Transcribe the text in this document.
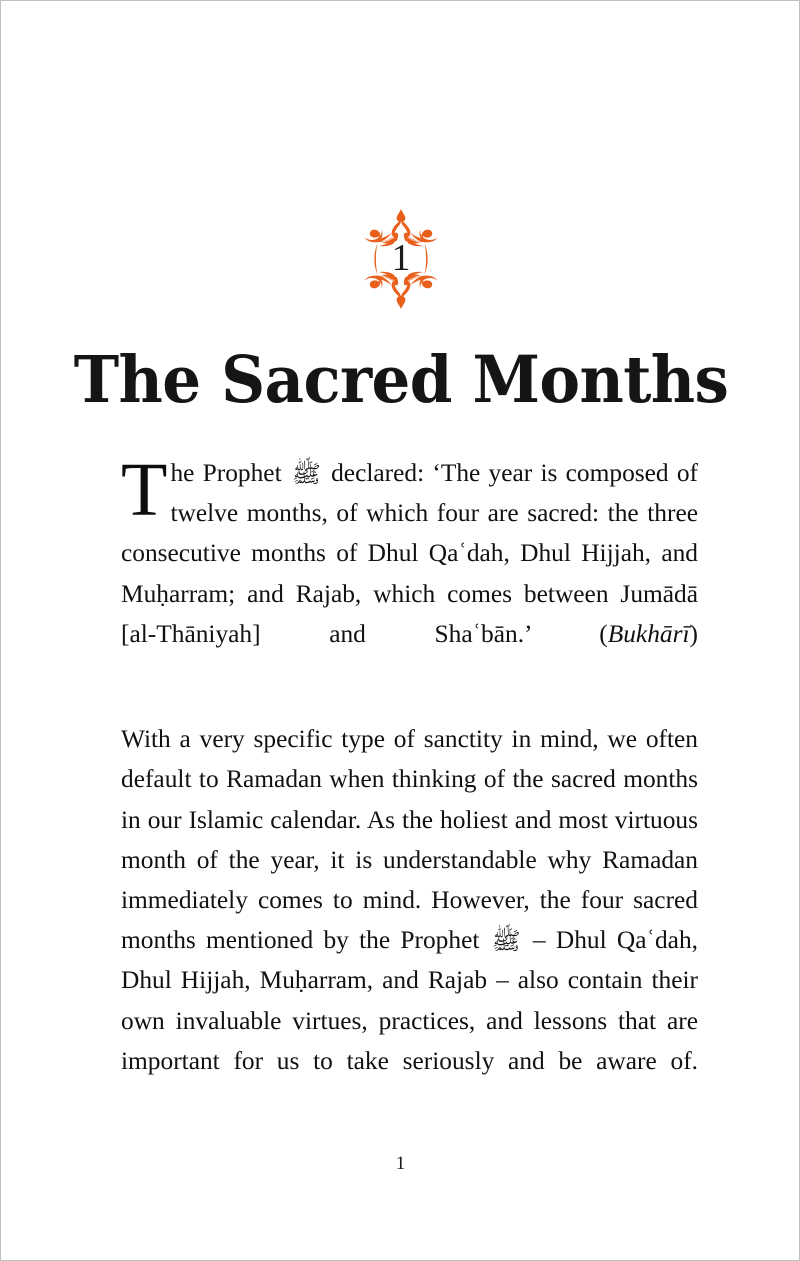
1
The Sacred Months

The Prophet ﷺ declared: ‘The year is composed of twelve months, of which four are sacred: the three consecutive months of Dhul Qaʿdah, Dhul Hijjah, and Muḥarram; and Rajab, which comes between Jumādā [al-Thāniyah] and Shaʿbān.’ (Bukhārī)

With a very specific type of sanctity in mind, we often default to Ramadan when thinking of the sacred months in our Islamic calendar. As the holiest and most virtuous month of the year, it is understandable why Ramadan immediately comes to mind. However, the four sacred months mentioned by the Prophet ﷺ – Dhul Qaʿdah, Dhul Hijjah, Muḥarram, and Rajab – also contain their own invaluable virtues, practices, and lessons that are important for us to take seriously and be aware of.

1
